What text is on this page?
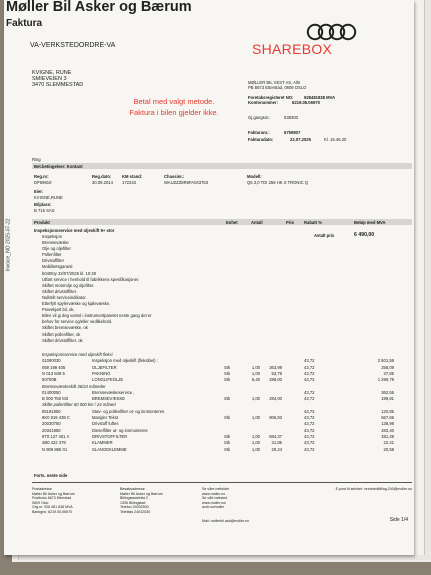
Møller Bil Asker og Bærum
Faktura
VA-VERKSTEDORDRE-VA	SHAREBOX
KVIGNE, RUNE
SMIEVEIEN 3
3470 SLEMMESTAD
Betal med valgt metode.
Faktura i bilen gjelder ikke.
MØLLER BIL VEST AS, A/B
PB.6673 Etterstad, 0609 OSLO
Foretaksregisteret NO:	928481838 MVA
Kontonummer:	6219.05.06970
Gj.gangsnr.:	538300
Fakturanr.:	6759807
Fakturadato:	22.07.2025	Kl. 15.46.20
Ring
Bet.betingelser: Kontant
Reg.nr:	Reg.dato:	KM stand:	Chassinr.:	Modell:
DP59819	30.09.2014 172243	WAUZZZ8R6FA043763	Q5 3,0 TDI 258 HK S TRONIC Q
Eier:
KVIGNE,RUNE
Bilplass:
B 715 SAS
Produkt	Enhet	Antall	Pris Rabatt %	Beløp med MVA
Inspeksjonsservice med oljeskift 5+ stor
Avtalt pris	6 490,00
Inspeksjon
Bremsevæske
Olje og oljefilter
Pollenfilter
Drivstoffilter
Mobilitetsgaranti
b040tny 22/07/2025 kl. 10:28
Utført service i henhold til fabrikkens spesifikasjoner.
Skiftet motorolje og oljefilter.
Skiftet drivstoffilter.
Nullstilt serviceindikator.
Etterfylt spylervæske og kjølevæske.
Prøvekjørt bil, ok.
Bilen vil gi deg varsel i instrumentpanelet neste gang det er
behov for service og/eller vedlikehold.
Skiftet bremsevæske, ok
Skiftet pollenfilter, ok
Skiftet drivstoffilter, ok
Inspeksjonsservice med oljeskift fleksi
01090030	Inspeksjon med oljeskift (fleksibel) :	43,72	2 501,59
059 198 405	OLJEFILTER	Stk	1,00 363,99	43,72	256,09
N 013 849 5	PAKNING	Stk	1,00	53,79	43,72	37,85
50700B	LONGLIFEOLJE	Stk	6,40 288,00	43,72	1 296,79
Bremsevæskeskift 36/24 måneder
01400050	Bremsevæskeservice ,	43,72	362,55
B 000 750 M3	BREMSEVÆSKE	Stk	1,00 284,00	43,72	199,81
Skifte pollenfilter 60 000 km / 24 måned
85181950	Støv- og pollenfilter ut- og innmonteres	43,72	120,85
8K0 819 439 C	Mangler Tekst	Stk	1,00 806,83	43,72	567,65
20030750	Drivstoff luftes	43,72	138,98
20341950	Dieselfilter ut- og innmonteres	43,72	483,40
8T0 127 401 A	DRIVSTOFFILTER	Stk	1,00 684,37	43,72	481,49
4B0 422 379	KLAMMER	Stk	1,00	31,85	43,72	22,41
N 909 865 01	SLANGEKLEMME	Stk	1,00	29,24	43,72	20,58
Forts. neste side
Postadresse
Møller Bil Asker og Bærum
Postboks 6673 Etterstad
0609 Oslo
Org.nr: 928 481 838 MVA
Bankgiro: 6219.05.06970
Besøksadresse
Møller Bil Asker og Bærum
Billingstadsletta 2
1396 Billingstad
Telefon 24032500
Telefaks 24032530
Se våre nettsider
www.moller.no
Se vårt nettsted
www.moller.no/
avdi.no/moller

Mail: mollerbil.asb@moller.no
E-post til selvbet: verkstedbilling.240@moller.no

Side 1/4
Invoice_NO 2025-07-22
